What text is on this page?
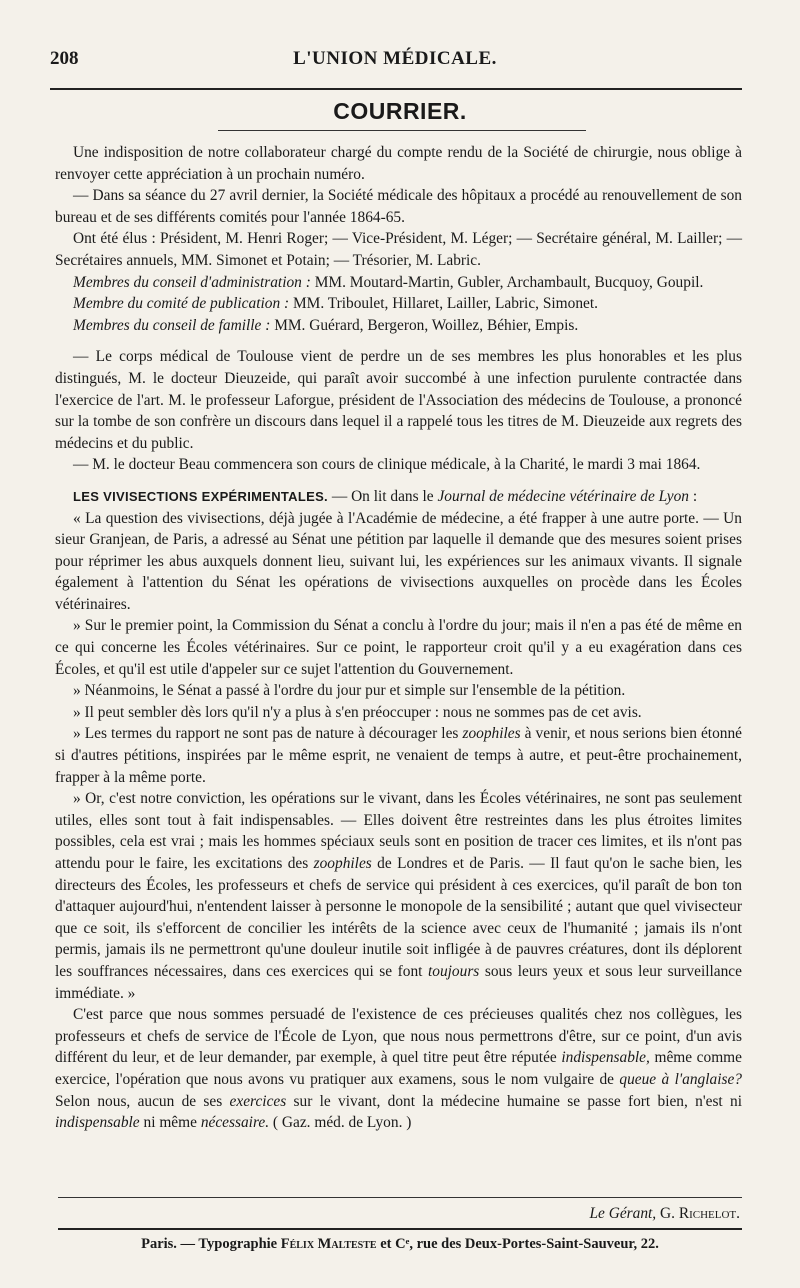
208	L'UNION MÉDICALE.
COURRIER.

Une indisposition de notre collaborateur chargé du compte rendu de la Société de chirurgie, nous oblige à renvoyer cette appréciation à un prochain numéro.

— Dans sa séance du 27 avril dernier, la Société médicale des hôpitaux a procédé au renouvellement de son bureau et de ses différents comités pour l'année 1864-65.

Ont été élus : Président, M. Henri Roger; — Vice-Président, M. Léger; — Secrétaire général, M. Lailler; — Secrétaires annuels, MM. Simonet et Potain; — Trésorier, M. Labric.

Membres du conseil d'administration : MM. Moutard-Martin, Gubler, Archambault, Bucquoy, Goupil.

Membre du comité de publication : MM. Triboulet, Hillaret, Lailler, Labric, Simonet.

Membres du conseil de famille : MM. Guérard, Bergeron, Woillez, Béhier, Empis.

— Le corps médical de Toulouse vient de perdre un de ses membres les plus honorables et les plus distingués, M. le docteur Dieuzeide, qui paraît avoir succombé à une infection purulente contractée dans l'exercice de l'art. M. le professeur Laforgue, président de l'Association des médecins de Toulouse, a prononcé sur la tombe de son confrère un discours dans lequel il a rappelé tous les titres de M. Dieuzeide aux regrets des médecins et du public.

— M. le docteur Beau commencera son cours de clinique médicale, à la Charité, le mardi 3 mai 1864.

LES VIVISECTIONS EXPÉRIMENTALES. — On lit dans le Journal de médecine vétérinaire de Lyon :

« La question des vivisections, déjà jugée à l'Académie de médecine, a été frapper à une autre porte. — Un sieur Granjean, de Paris, a adressé au Sénat une pétition par laquelle il demande que des mesures soient prises pour réprimer les abus auxquels donnent lieu, suivant lui, les expériences sur les animaux vivants. Il signale également à l'attention du Sénat les opérations de vivisections auxquelles on procède dans les Écoles vétérinaires.

» Sur le premier point, la Commission du Sénat a conclu à l'ordre du jour; mais il n'en a pas été de même en ce qui concerne les Écoles vétérinaires. Sur ce point, le rapporteur croit qu'il y a eu exagération dans ces Écoles, et qu'il est utile d'appeler sur ce sujet l'attention du Gouvernement.

» Néanmoins, le Sénat a passé à l'ordre du jour pur et simple sur l'ensemble de la pétition.

» Il peut sembler dès lors qu'il n'y a plus à s'en préoccuper : nous ne sommes pas de cet avis.

» Les termes du rapport ne sont pas de nature à décourager les zoophiles à venir, et nous serions bien étonné si d'autres pétitions, inspirées par le même esprit, ne venaient de temps à autre, et peut-être prochainement, frapper à la même porte.

» Or, c'est notre conviction, les opérations sur le vivant, dans les Écoles vétérinaires, ne sont pas seulement utiles, elles sont tout à fait indispensables. — Elles doivent être restreintes dans les plus étroites limites possibles, cela est vrai ; mais les hommes spéciaux seuls sont en position de tracer ces limites, et ils n'ont pas attendu pour le faire, les excitations des zoophiles de Londres et de Paris. — Il faut qu'on le sache bien, les directeurs des Écoles, les professeurs et chefs de service qui président à ces exercices, qu'il paraît de bon ton d'attaquer aujourd'hui, n'entendent laisser à personne le monopole de la sensibilité ; autant que quel vivisecteur que ce soit, ils s'efforcent de concilier les intérêts de la science avec ceux de l'humanité ; jamais ils n'ont permis, jamais ils ne permettront qu'une douleur inutile soit infligée à de pauvres créatures, dont ils déplorent les souffrances nécessaires, dans ces exercices qui se font toujours sous leurs yeux et sous leur surveillance immédiate. »

C'est parce que nous sommes persuadé de l'existence de ces précieuses qualités chez nos collègues, les professeurs et chefs de service de l'École de Lyon, que nous nous permettrons d'être, sur ce point, d'un avis différent du leur, et de leur demander, par exemple, à quel titre peut être réputée indispensable, même comme exercice, l'opération que nous avons vu pratiquer aux examens, sous le nom vulgaire de queue à l'anglaise? Selon nous, aucun de ses exercices sur le vivant, dont la médecine humaine se passe fort bien, n'est ni indispensable ni même nécessaire. ( Gaz. méd. de Lyon. )

Le Gérant, G. Richelot.
Paris. — Typographie Félix Malteste et Cᵉ, rue des Deux-Portes-Saint-Sauveur, 22.
